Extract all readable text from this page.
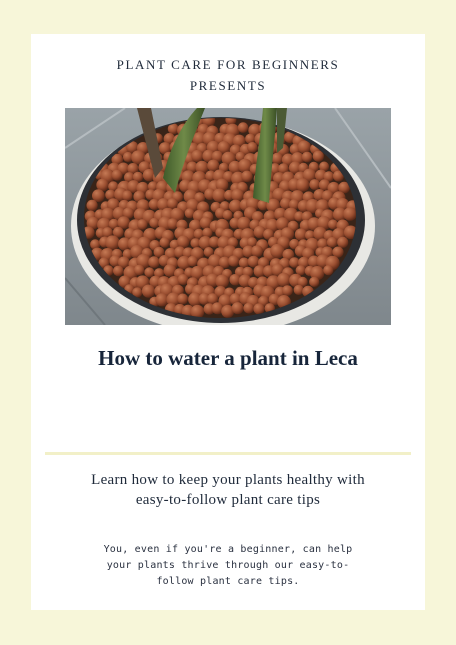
PLANT CARE FOR BEGINNERS
PRESENTS
How to water a plant in Leca
Learn how to keep your plants healthy with easy-to-follow plant care tips
You, even if you're a beginner, can help your plants thrive through our easy-to-follow plant care tips.
